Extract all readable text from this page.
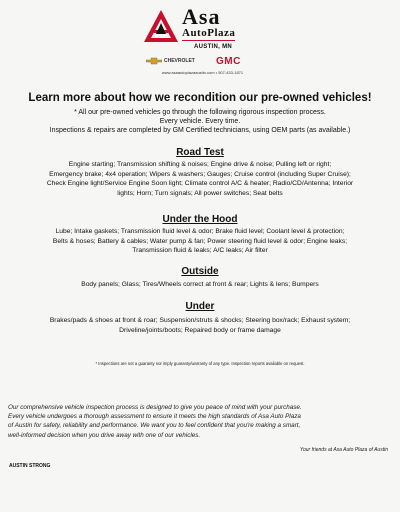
Asa
AutoPlaza
AUSTIN, MN
CHEVROLET GMC
www.asaautoplazaaustin.com • 507-433-1871
Learn more about how we recondition our pre-owned vehicles!
* All our pre-owned vehicles go through the following rigorous inspection process.
Every vehicle. Every time.
Inspections & repairs are completed by GM Certified technicians, using OEM parts (as available.)
Road Test
Engine starting; Transmission shifting & noises; Engine drive & noise; Pulling left or right;
Emergency brake; 4x4 operation; Wipers & washers; Gauges; Cruise control (including Super Cruise);
Check Engine light/Service Engine Soon light; Climate control A/C & heater; Radio/CD/Antenna; Interior
lights; Horn; Turn signals; All power switches; Seat belts
Under the Hood
Lube; Intake gaskets; Transmission fluid level & odor; Brake fluid level; Coolant level & protection;
Belts & hoses; Battery & cables; Water pump & fan; Power steering fluid level & odor; Engine leaks;
Transmission fluid & leaks; A/C leaks; Air filter
Outside
Body panels; Glass; Tires/Wheels correct at front & rear; Lights & lens; Bumpers
Under
Brakes/pads & shoes at front & roar; Suspension/struts & shocks; Steering box/rack; Exhaust system;
Driveline/joints/boots; Repaired body or frame damage
* Inspections are not a guaranty nor imply guaranty/warranty of any type. Inspection reports available on request.
Our comprehensive vehicle inspection process is designed to give you peace of mind with your purchase.
Every vehicle undergoes a thorough assessment to ensure it meets the high standards of Asa Auto Plaza
of Austin for safety, reliability and performance. We want you to feel confident that you're making a smart,
well-informed decision when you drive away with one of our vehicles.
Your friends at Asa Auto Plaza of Austin
AUSTIN STRONG
